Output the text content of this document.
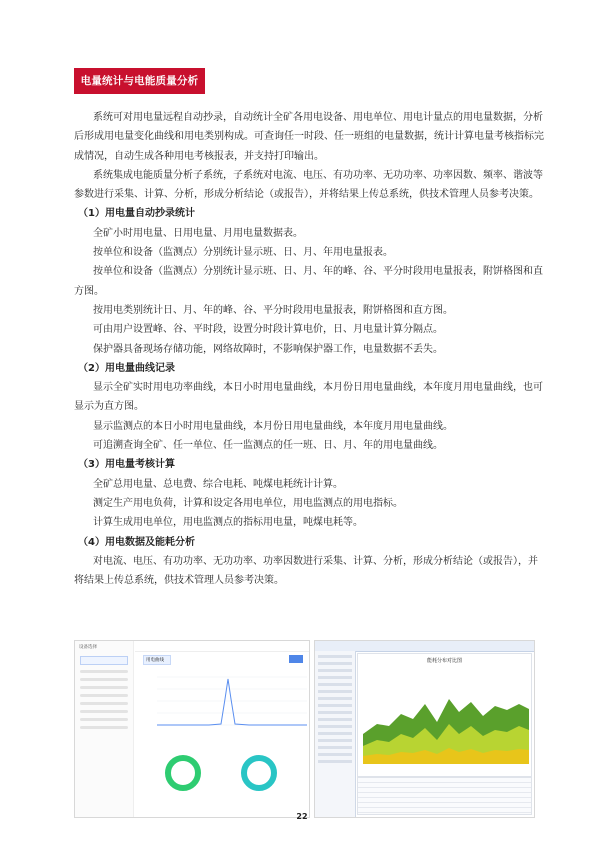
电量统计与电能质量分析

系统可对用电量远程自动抄录，自动统计全矿各用电设备、用电单位、用电计量点的用电量数据，分析后形成用电量变化曲线和用电类别构成。可查询任一时段、任一班组的电量数据，统计计算电量考核指标完成情况，自动生成各种用电考核报表，并支持打印输出。

系统集成电能质量分析子系统，子系统对电流、电压、有功功率、无功功率、功率因数、频率、谐波等参数进行采集、计算、分析，形成分析结论（或报告），并将结果上传总系统，供技术管理人员参考决策。

（1）用电量自动抄录统计

全矿小时用电量、日用电量、月用电量数据表。

按单位和设备（监测点）分别统计显示班、日、月、年用电量报表。

按单位和设备（监测点）分别统计显示班、日、月、年的峰、谷、平分时段用电量报表，附饼格图和直方图。

按用电类别统计日、月、年的峰、谷、平分时段用电量报表，附饼格图和直方图。

可由用户设置峰、谷、平时段，设置分时段计算电价，日、月电量计算分隔点。

保护器具备现场存储功能，网络故障时，不影响保护器工作，电量数据不丢失。

（2）用电量曲线记录

显示全矿实时用电功率曲线，本日小时用电量曲线，本月份日用电量曲线，本年度月用电量曲线，也可显示为直方图。

显示监测点的本日小时用电量曲线，本月份日用电量曲线，本年度月用电量曲线。

可追溯查询全矿、任一单位、任一监测点的任一班、日、月、年的用电量曲线。

（3）用电量考核计算

全矿总用电量、总电费、综合电耗、吨煤电耗统计计算。

测定生产用电负荷，计算和设定各用电单位，用电监测点的用电指标。

计算生成用电单位，用电监测点的指标用电量，吨煤电耗等。

（4）用电数据及能耗分析

对电流、电压、有功功率、无功功率、功率因数进行采集、计算、分析，形成分析结论（或报告），并将结果上传总系统，供技术管理人员参考决策。

设备选择
用电曲线	能耗分布对比图
22
